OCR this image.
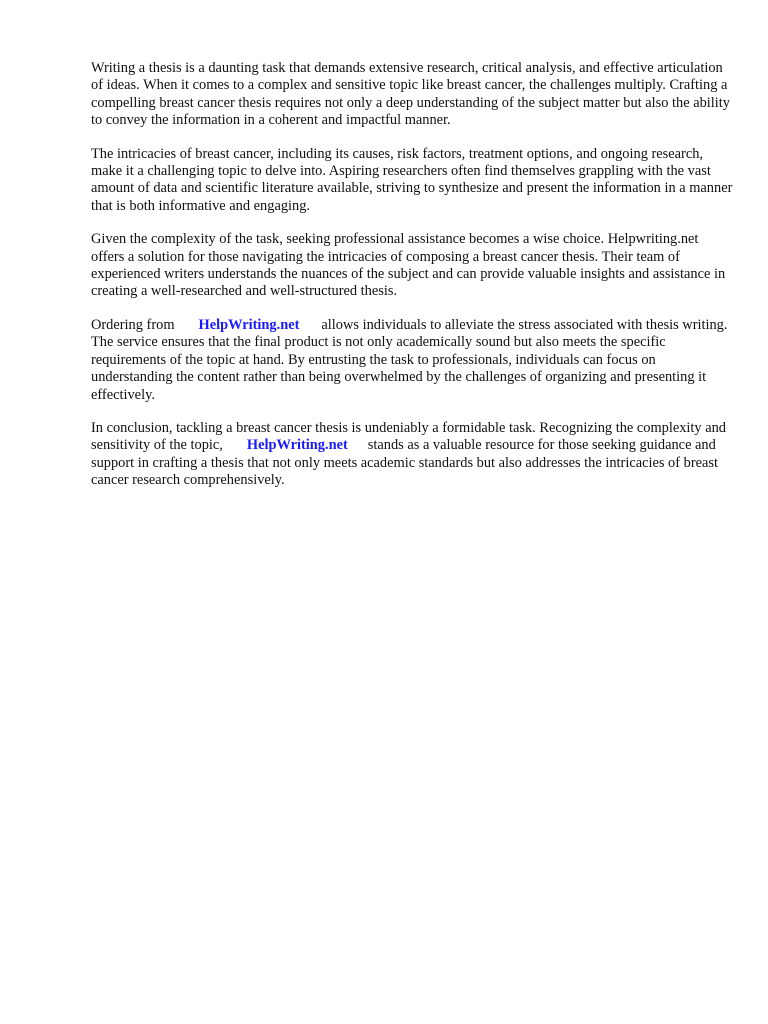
Writing a thesis is a daunting task that demands extensive research, critical analysis, and effective articulation of ideas. When it comes to a complex and sensitive topic like breast cancer, the challenges multiply. Crafting a compelling breast cancer thesis requires not only a deep understanding of the subject matter but also the ability to convey the information in a coherent and impactful manner.

The intricacies of breast cancer, including its causes, risk factors, treatment options, and ongoing research, make it a challenging topic to delve into. Aspiring researchers often find themselves grappling with the vast amount of data and scientific literature available, striving to synthesize and present the information in a manner that is both informative and engaging.

Given the complexity of the task, seeking professional assistance becomes a wise choice. Helpwriting.net offers a solution for those navigating the intricacies of composing a breast cancer thesis. Their team of experienced writers understands the nuances of the subject and can provide valuable insights and assistance in creating a well-researched and well-structured thesis.

Ordering from HelpWriting.net allows individuals to alleviate the stress associated with thesis writing. The service ensures that the final product is not only academically sound but also meets the specific requirements of the topic at hand. By entrusting the task to professionals, individuals can focus on understanding the content rather than being overwhelmed by the challenges of organizing and presenting it effectively.

In conclusion, tackling a breast cancer thesis is undeniably a formidable task. Recognizing the complexity and sensitivity of the topic, HelpWriting.net stands as a valuable resource for those seeking guidance and support in crafting a thesis that not only meets academic standards but also addresses the intricacies of breast cancer research comprehensively.
